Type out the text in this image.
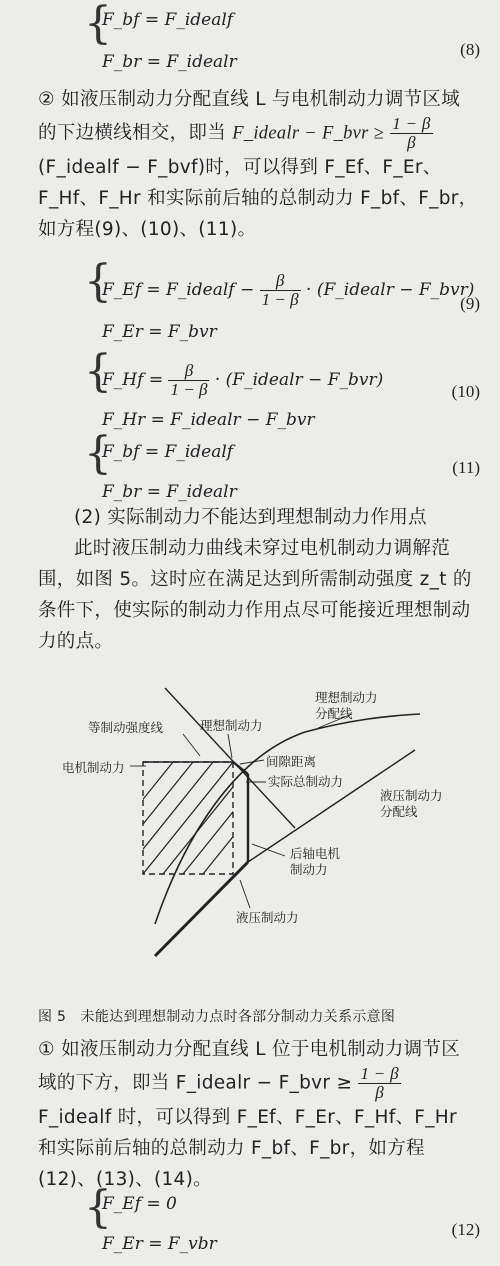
{
F_bf = F_idealf
F_br = F_idealr
(8)
② 如液压制动力分配直线 L 与电机制动力调节区域的下边横线相交，即当 F_idealr − F_bvr ≥ $\frac{1 - \beta}{\beta}$
(F_idealf − F_bvf)时，可以得到 F_Ef、F_Er、F_Hf、F_Hr 和实际前后轴的总制动力 F_bf、F_br，如方程(9)、(10)、(11)。
{
F_Ef = F_idealf − $\frac{\beta}{1 - \beta}$ · (F_idealr − F_bvr)
F_Er = F_bvr
(9)
{
F_Hf = $\frac{\beta}{1 - \beta}$ · (F_idealr − F_bvr)
F_Hr = F_idealr − F_bvr
(10)
{
F_bf = F_idealf
F_br = F_idealr
(11)
(2) 实际制动力不能达到理想制动力作用点
此时液压制动力曲线未穿过电机制动力调解范围，如图 5。这时应在满足达到所需制动强度 z_t 的条件下，使实际的制动力作用点尽可能接近理想制动力的点。
理想制动力
分配线
等制动强度线	理想制动力
电机制动力	间隙距离
实际总制动力
液压制动力
分配线
后轴电机
制动力
液压制动力
图 5　未能达到理想制动力点时各部分制动力关系示意图
① 如液压制动力分配直线 L 位于电机制动力调节区域的下方，即当 F_idealr − F_bvr ≥ $\frac{1 - \beta}{\beta}$
F_idealf 时，可以得到 F_Ef、F_Er、F_Hf、F_Hr 和实际前后轴的总制动力 F_bf、F_br，如方程(12)、(13)、(14)。
{
F_Ef = 0
F_Er = F_vbr
(12)
